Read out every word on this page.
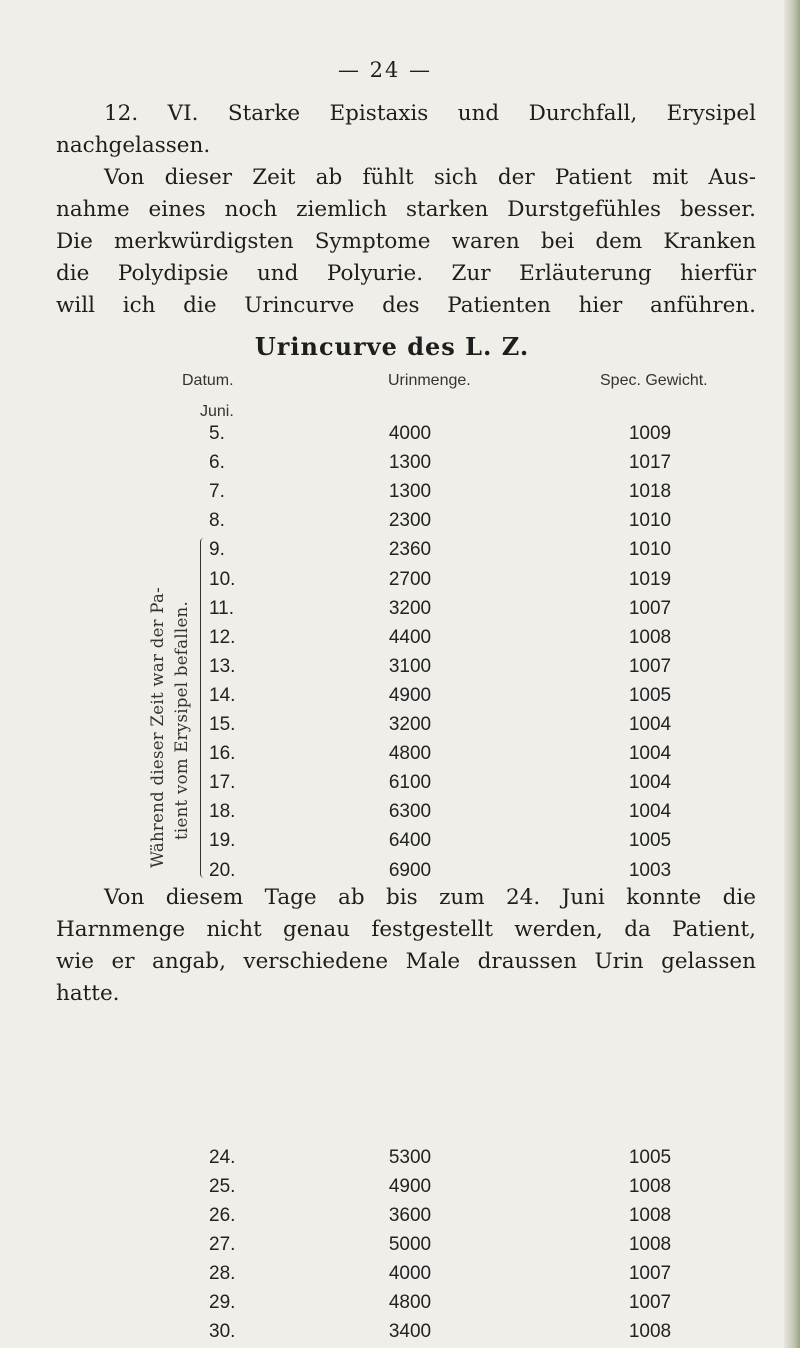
— 24 —
12. VI. Starke Epistaxis und Durchfall, Erysipel
nachgelassen.
Von dieser Zeit ab fühlt sich der Patient mit Aus-
nahme eines noch ziemlich starken Durstgefühles besser.
Die merkwürdigsten Symptome waren bei dem Kranken
die Polydipsie und Polyurie. Zur Erläuterung hierfür
will ich die Urincurve des Patienten hier anführen.
Urincurve des L. Z.
Datum.	Urinmenge.	Spec. Gewicht.
Juni.
5.	4000	1009
6.	1300	1017
7.	1300	1018
8.	2300	1010
9.	2360	1010
10.	2700	1019
11.	3200	1007
12.	4400	1008
13.	3100	1007
14.	4900	1005
15.	3200	1004
16.	4800	1004
17.	6100	1004
18.	6300	1004
19.	6400	1005
20.	6900	1003
Während dieser Zeit war der Pa- tient vom Erysipel befallen.
Von diesem Tage ab bis zum 24. Juni konnte die
Harnmenge nicht genau festgestellt werden, da Patient,
wie er angab, verschiedene Male draussen Urin gelassen
hatte.
24.	5300	1005
25.	4900	1008
26.	3600	1008
27.	5000	1008
28.	4000	1007
29.	4800	1007
30.	3400	1008
